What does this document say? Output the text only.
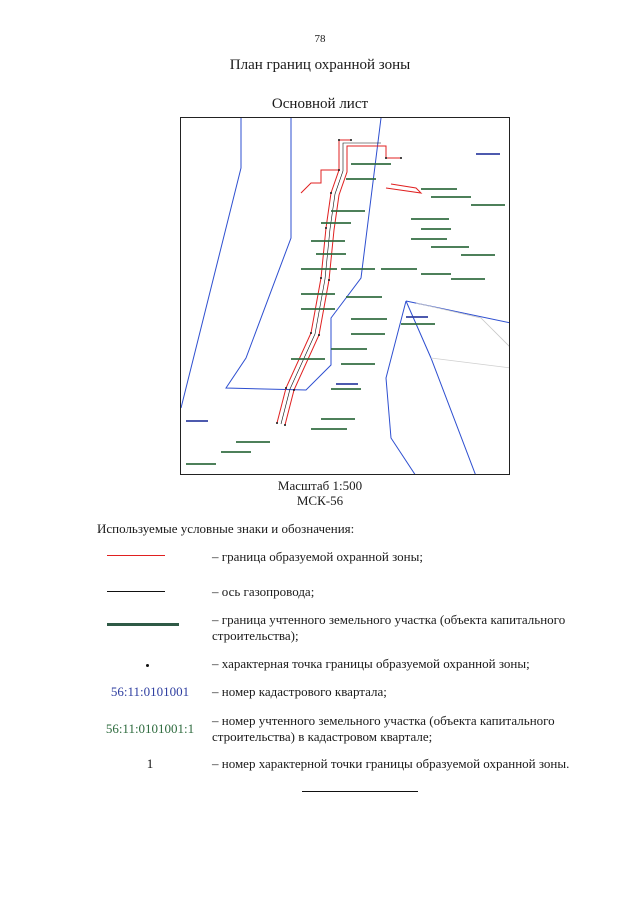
78
План границ охранной зоны
Основной лист
Масштаб 1:500
МСК-56
Используемые условные знаки и обозначения:
– граница образуемой охранной зоны;
– ось газопровода;
– граница учтенного земельного участка (объекта капитального строительства);
– характерная точка границы образуемой охранной зоны;
56:11:0101001	– номер кадастрового квартала;
56:11:0101001:1
– номер учтенного земельного участка (объекта капитального строительства) в кадастровом квартале;
1	– номер характерной точки границы образуемой охранной зоны.
